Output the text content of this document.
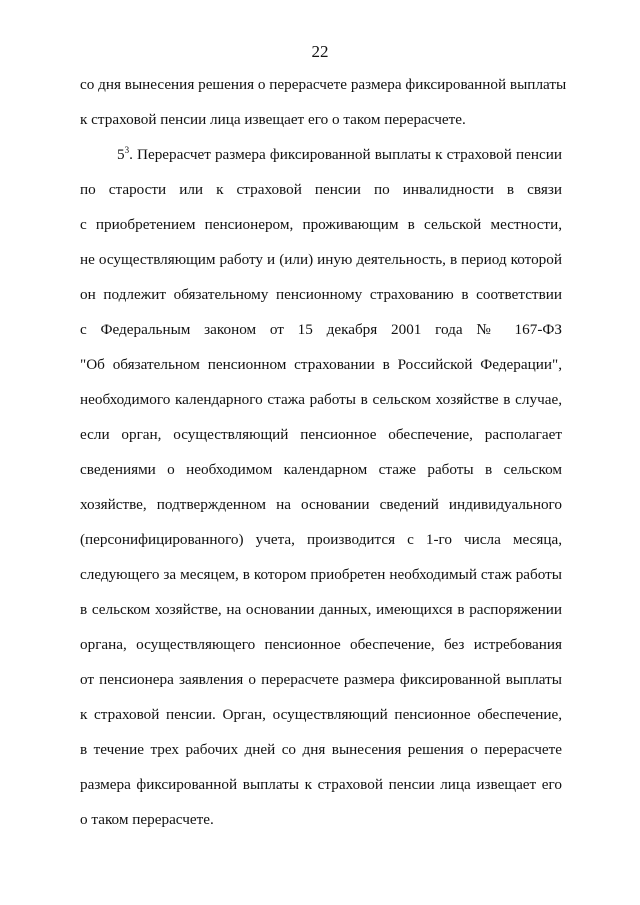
22
со дня вынесения решения о перерасчете размера фиксированной выплаты
к страховой пенсии лица извещает его о таком перерасчете.
$5^3$. Перерасчет размера фиксированной выплаты к страховой пенсии
по старости или к страховой пенсии по инвалидности в связи
с приобретением пенсионером, проживающим в сельской местности,
не осуществляющим работу и (или) иную деятельность, в период которой
он подлежит обязательному пенсионному страхованию в соответствии
с Федеральным законом от 15 декабря 2001 года № 167-ФЗ
"Об обязательном пенсионном страховании в Российской Федерации",
необходимого календарного стажа работы в сельском хозяйстве в случае,
если орган, осуществляющий пенсионное обеспечение, располагает
сведениями о необходимом календарном стаже работы в сельском
хозяйстве, подтвержденном на основании сведений индивидуального
(персонифицированного) учета, производится с 1-го числа месяца,
следующего за месяцем, в котором приобретен необходимый стаж работы
в сельском хозяйстве, на основании данных, имеющихся в распоряжении
органа, осуществляющего пенсионное обеспечение, без истребования
от пенсионера заявления о перерасчете размера фиксированной выплаты
к страховой пенсии. Орган, осуществляющий пенсионное обеспечение,
в течение трех рабочих дней со дня вынесения решения о перерасчете
размера фиксированной выплаты к страховой пенсии лица извещает его
о таком перерасчете.
